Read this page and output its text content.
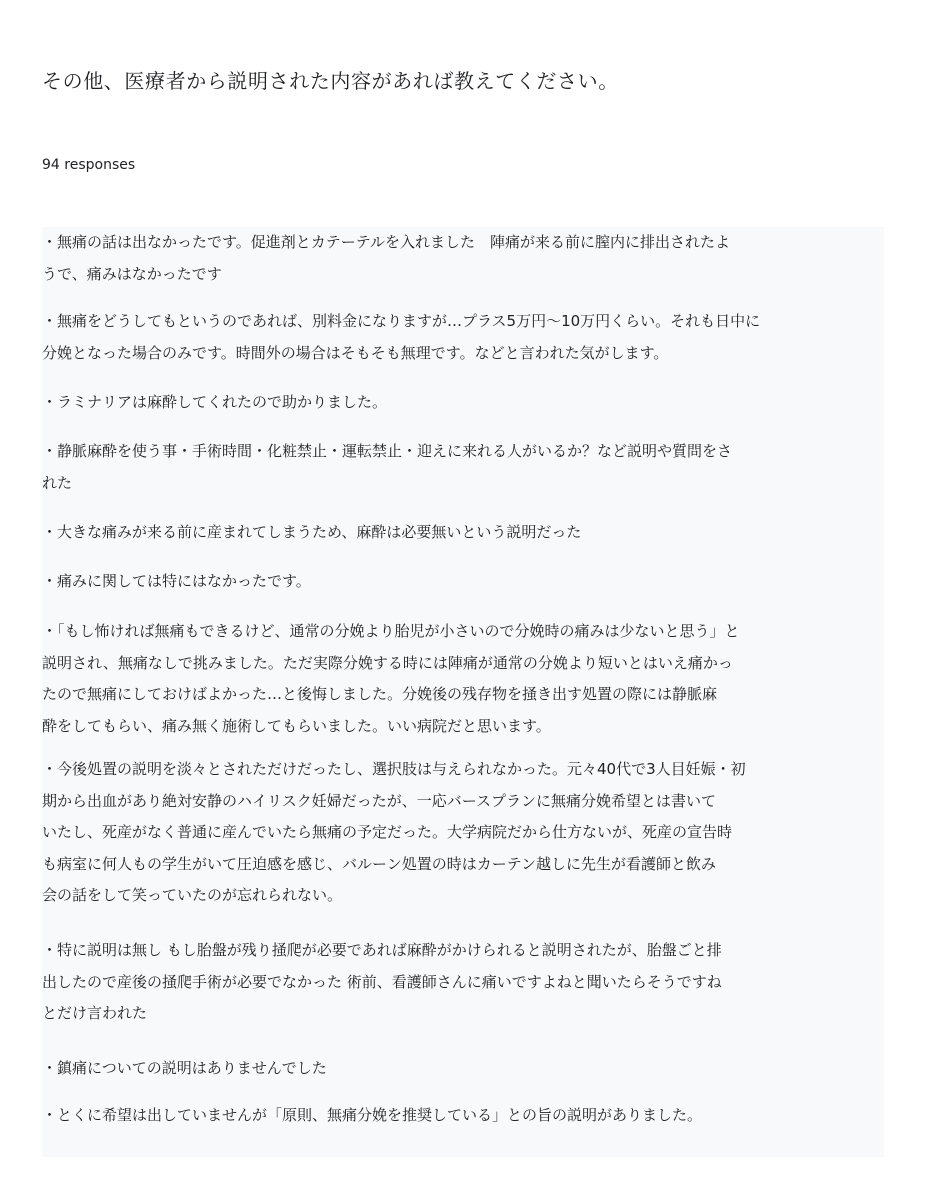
その他、医療者から説明された内容があれば教えてください。
94 responses
・無痛の話は出なかったです。促進剤とカテーテルを入れました　陣痛が来る前に膣内に排出されたよ
うで、痛みはなかったです
・無痛をどうしてもというのであれば、別料金になりますが…プラス5万円〜10万円くらい。それも日中に
分娩となった場合のみです。時間外の場合はそもそも無理です。などと言われた気がします。
・ラミナリアは麻酔してくれたので助かりました。
・静脈麻酔を使う事・手術時間・化粧禁止・運転禁止・迎えに来れる人がいるか？など説明や質問をさ
れた
・大きな痛みが来る前に産まれてしまうため、麻酔は必要無いという説明だった
・痛みに関しては特にはなかったです。
・「もし怖ければ無痛もできるけど、通常の分娩より胎児が小さいので分娩時の痛みは少ないと思う」と
説明され、無痛なしで挑みました。ただ実際分娩する時には陣痛が通常の分娩より短いとはいえ痛かっ
たので無痛にしておけばよかった…と後悔しました。分娩後の残存物を掻き出す処置の際には静脈麻
酔をしてもらい、痛み無く施術してもらいました。いい病院だと思います。
・今後処置の説明を淡々とされただけだったし、選択肢は与えられなかった。元々40代で3人目妊娠・初
期から出血があり絶対安静のハイリスク妊婦だったが、一応バースプランに無痛分娩希望とは書いて
いたし、死産がなく普通に産んでいたら無痛の予定だった。大学病院だから仕方ないが、死産の宣告時
も病室に何人もの学生がいて圧迫感を感じ、バルーン処置の時はカーテン越しに先生が看護師と飲み
会の話をして笑っていたのが忘れられない。
・特に説明は無し もし胎盤が残り掻爬が必要であれば麻酔がかけられると説明されたが、胎盤ごと排
出したので産後の掻爬手術が必要でなかった 術前、看護師さんに痛いですよねと聞いたらそうですね
とだけ言われた
・鎮痛についての説明はありませんでした
・とくに希望は出していませんが「原則、無痛分娩を推奨している」との旨の説明がありました。
